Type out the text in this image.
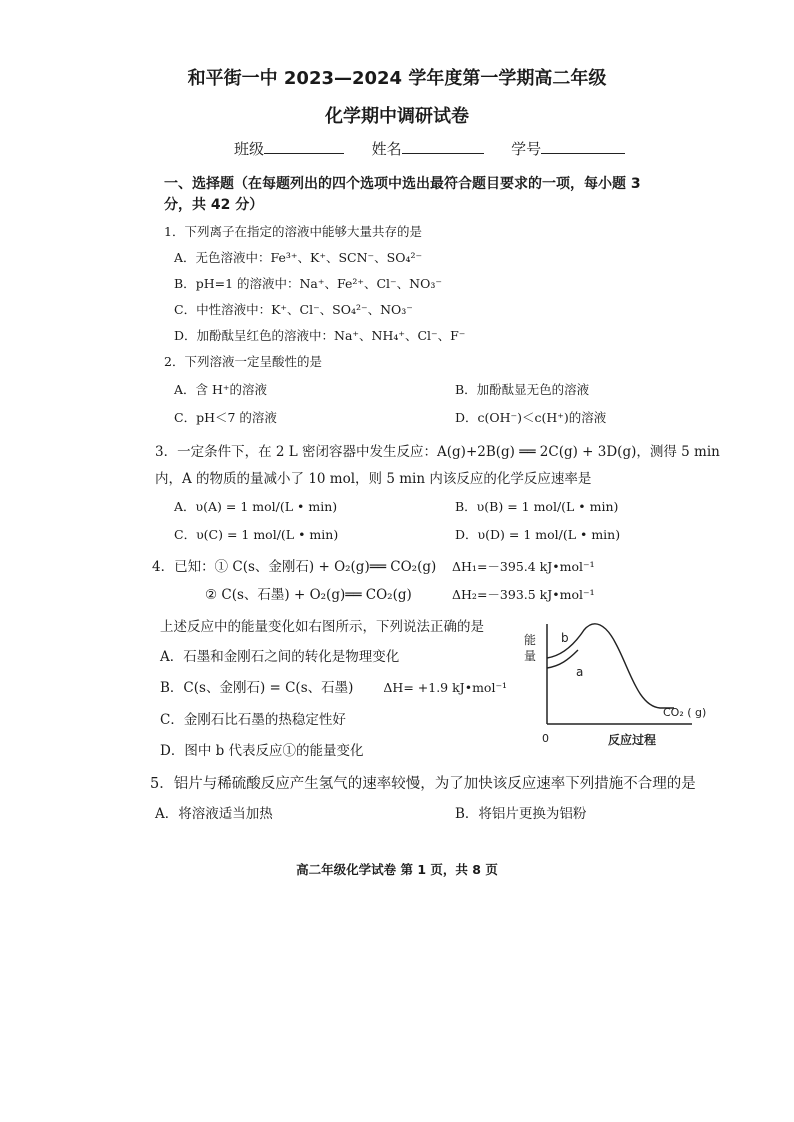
和平街一中 2023—2024 学年度第一学期高二年级
化学期中调研试卷
班级	姓名	学号
一、选择题（在每题列出的四个选项中选出最符合题目要求的一项，每小题 3
分，共 42 分）
1．下列离子在指定的溶液中能够大量共存的是
A．无色溶液中：Fe³⁺、K⁺、SCN⁻、SO₄²⁻
B．pH=1 的溶液中：Na⁺、Fe²⁺、Cl⁻、NO₃⁻
C．中性溶液中：K⁺、Cl⁻、SO₄²⁻、NO₃⁻
D．加酚酞呈红色的溶液中：Na⁺、NH₄⁺、Cl⁻、F⁻
2．下列溶液一定呈酸性的是
A．含 H⁺的溶液	B．加酚酞显无色的溶液
C．pH＜7 的溶液	D．c(OH⁻)＜c(H⁺)的溶液
3．一定条件下，在 2 L 密闭容器中发生反应：A(g)+2B(g) ══ 2C(g) + 3D(g)，测得 5 min
内，A 的物质的量减小了 10 mol，则 5 min 内该反应的化学反应速率是
A．υ(A) = 1 mol/(L • min)	B．υ(B) = 1 mol/(L • min)
C．υ(C) = 1 mol/(L • min)	D．υ(D) = 1 mol/(L • min)
4．已知：① C(s、金刚石) + O₂(g)══ CO₂(g) ΔH₁=－395.4 kJ•mol⁻¹
② C(s、石墨) + O₂(g)══ CO₂(g)	ΔH₂=－393.5 kJ•mol⁻¹
上述反应中的能量变化如右图所示，下列说法正确的是
A．石墨和金刚石之间的转化是物理变化
B．C(s、金刚石) = C(s、石墨) ΔH= +1.9 kJ•mol⁻¹
C．金刚石比石墨的热稳定性好
D．图中 b 代表反应①的能量变化
能
量
b
a
CO₂ ( g)
0	反应过程
5．铝片与稀硫酸反应产生氢气的速率较慢，为了加快该反应速率下列措施不合理的是
A．将溶液适当加热	B．将铝片更换为铝粉
高二年级化学试卷 第 1 页，共 8 页
